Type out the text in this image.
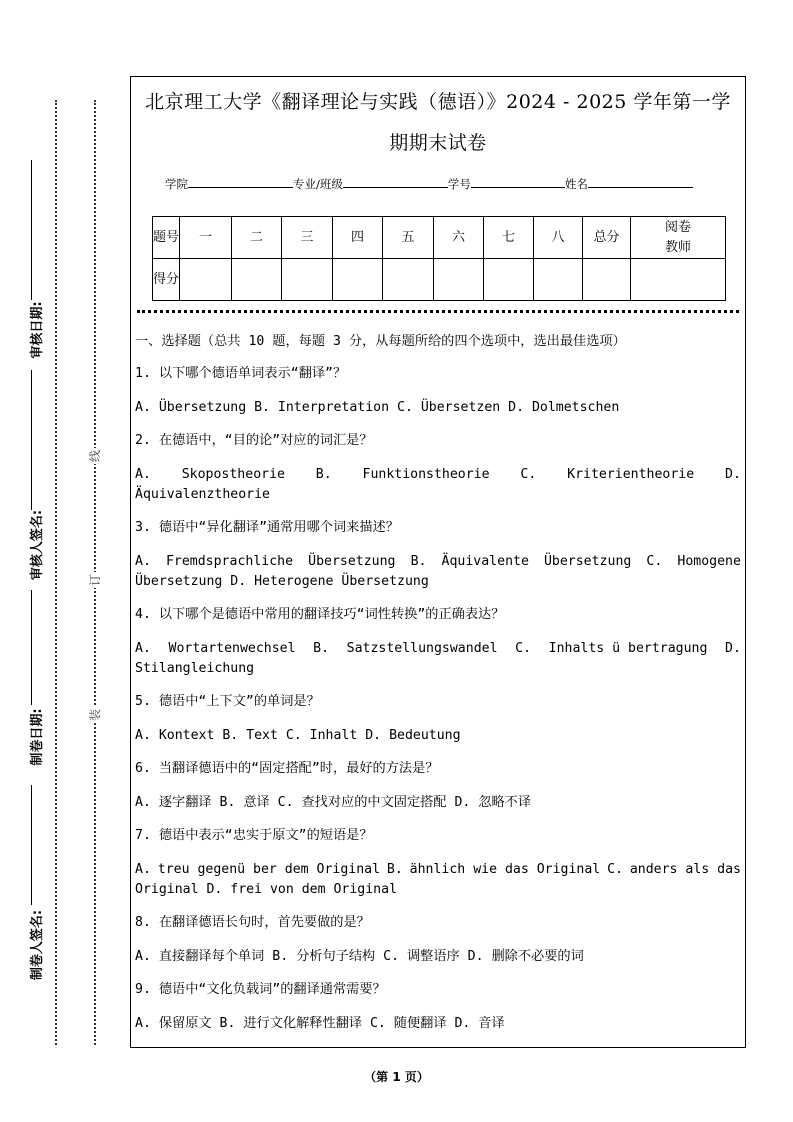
审核日期:
审核人签名:
制卷日期:
制卷人签名:
线
订
装
北京理工大学《翻译理论与实践（德语）》2024 - 2025 学年第一学
期期末试卷
学院	专业/班级	学号	姓名
题号	一	二	三	四	五	六	七	八	总分	阅卷教师
得分										
一、选择题（总共 10 题，每题 3 分，从每题所给的四个选项中，选出最佳选项）
1. 以下哪个德语单词表示“翻译”？
A. Übersetzung B. Interpretation C. Übersetzen D. Dolmetschen
2. 在德语中，“目的论”对应的词汇是？
A. Skopostheorie B. Funktionstheorie C. Kriterientheorie D.
Äquivalenztheorie
3. 德语中“异化翻译”通常用哪个词来描述？
A. Fremdsprachliche Übersetzung B. Äquivalente Übersetzung C. Homogene
Übersetzung D. Heterogene Übersetzung
4. 以下哪个是德语中常用的翻译技巧“词性转换”的正确表达？
A. Wortartenwechsel B. Satzstellungswandel C. Inhalts ü bertragung D.
Stilangleichung
5. 德语中“上下文”的单词是？
A. Kontext B. Text C. Inhalt D. Bedeutung
6. 当翻译德语中的“固定搭配”时，最好的方法是？
A. 逐字翻译 B. 意译 C. 查找对应的中文固定搭配 D. 忽略不译
7. 德语中表示“忠实于原文”的短语是？
A. treu gegenü ber dem Original B. ähnlich wie das Original C. anders als das
Original D. frei von dem Original
8. 在翻译德语长句时，首先要做的是？
A. 直接翻译每个单词 B. 分析句子结构 C. 调整语序 D. 删除不必要的词
9. 德语中“文化负载词”的翻译通常需要？
A. 保留原文 B. 进行文化解释性翻译 C. 随便翻译 D. 音译
（第 1 页）
